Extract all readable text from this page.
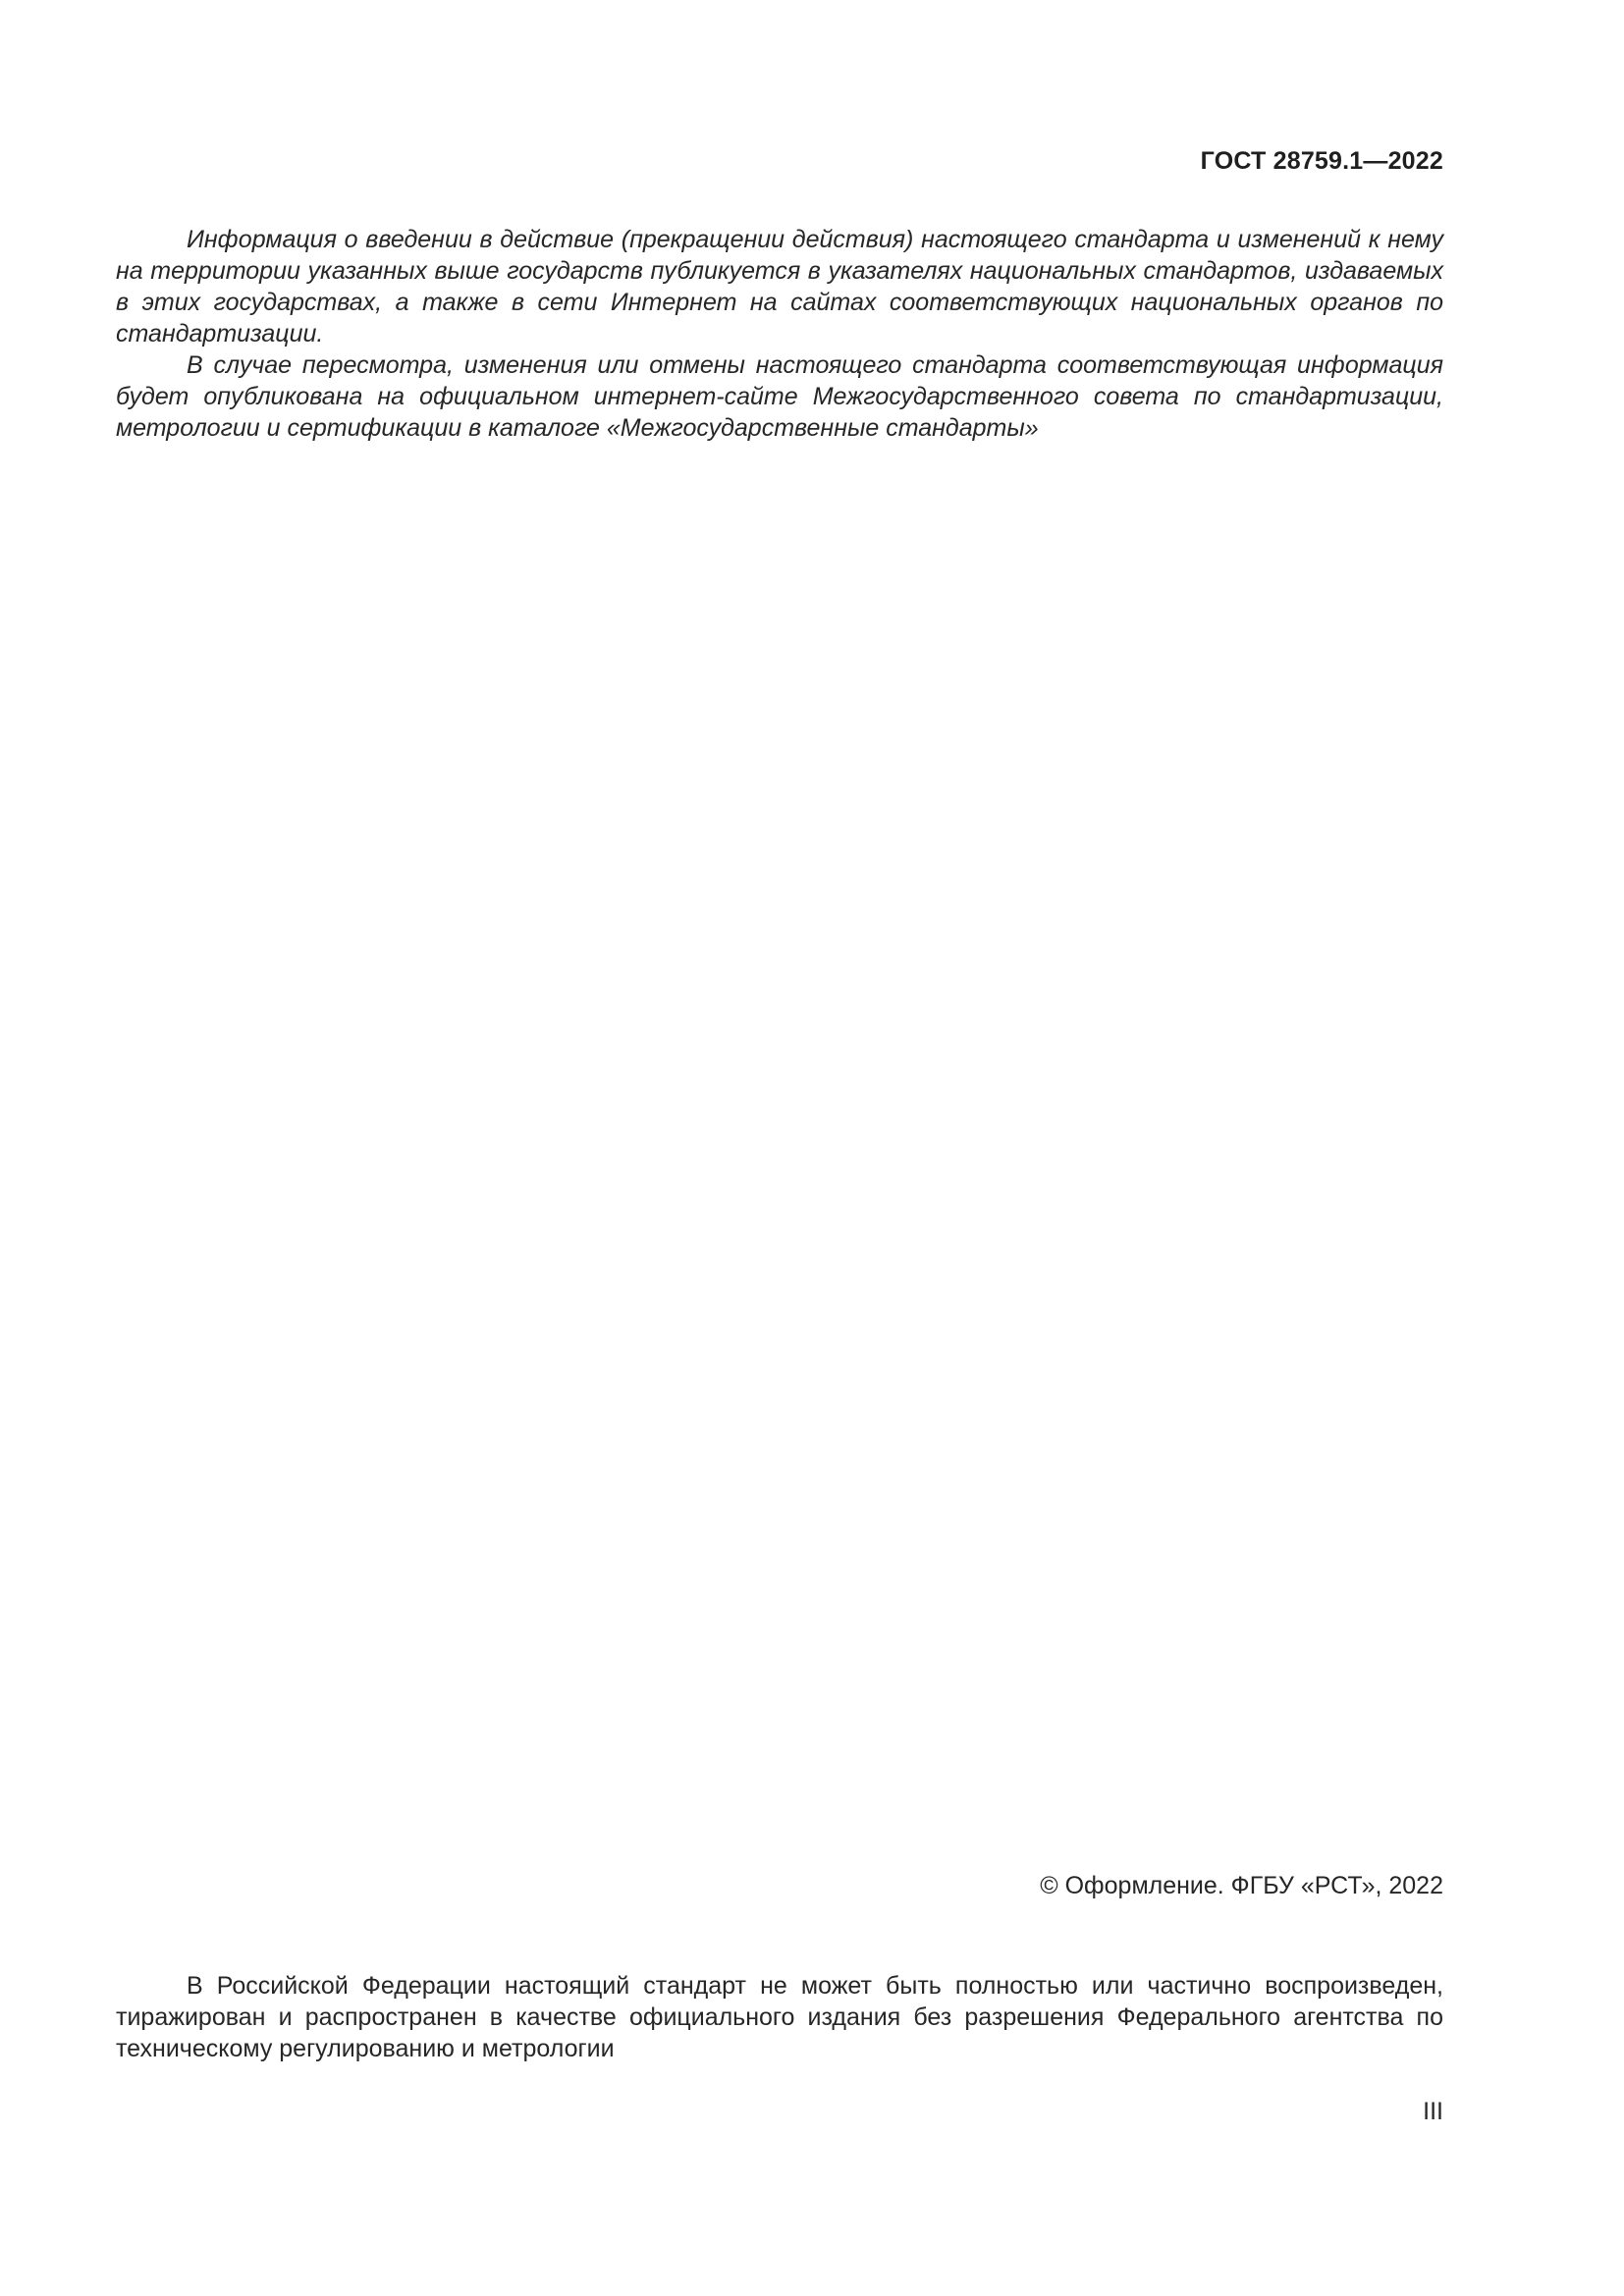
ГОСТ 28759.1—2022

Информация о введении в действие (прекращении действия) настоящего стандарта и изменений к нему на территории указанных выше государств публикуется в указателях национальных стандартов, издаваемых в этих государствах, а также в сети Интернет на сайтах соответствующих национальных органов по стандартизации.

В случае пересмотра, изменения или отмены настоящего стандарта соответствующая информация будет опубликована на официальном интернет-сайте Межгосударственного совета по стандартизации, метрологии и сертификации в каталоге «Межгосударственные стандарты»

© Оформление. ФГБУ «РСТ», 2022

В Российской Федерации настоящий стандарт не может быть полностью или частично воспроизведен, тиражирован и распространен в качестве официального издания без разрешения Федерального агентства по техническому регулированию и метрологии

III
